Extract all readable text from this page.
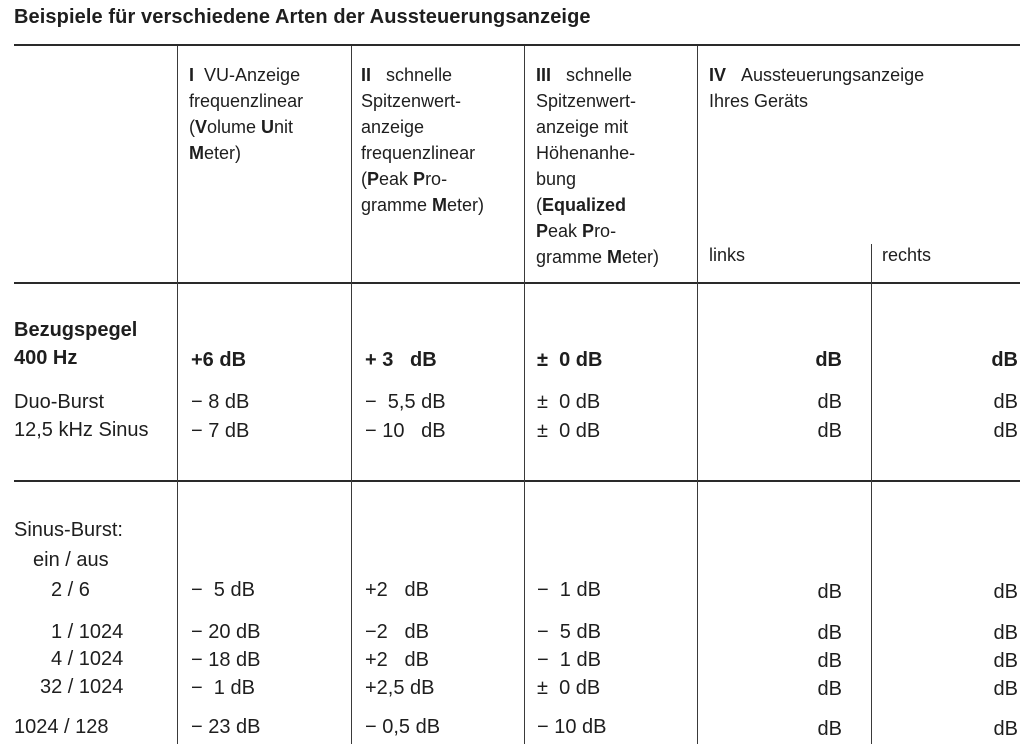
Beispiele für verschiedene Arten der Aussteuerungsanzeige
I VU-Anzeige
frequenzlinear
(Volume Unit
Meter)
II schnelle
Spitzenwert-
anzeige
frequenzlinear
(Peak Pro-
gramme Meter)
III schnelle
Spitzenwert-
anzeige mit
Höhenanhe-
bung
(Equalized
Peak Pro-
gramme Meter)
IV Aussteuerungsanzeige
Ihres Geräts
links	rechts
Bezugspegel
400 Hz	+6 dB	+ 3   dB	±  0 dB	dB	dB
Duo-Burst	− 8 dB	−  5,5 dB	±  0 dB	dB	dB
12,5 kHz Sinus − 7 dB	− 10   dB	±  0 dB	dB	dB
Sinus-Burst:
ein / aus
2 / 6	−  5 dB	+2   dB	−  1 dB	dB	dB
1 / 1024	− 20 dB	−2   dB	−  5 dB	dB	dB
4 / 1024	− 18 dB	+2   dB	−  1 dB	dB	dB
32 / 1024	−  1 dB	+2,5 dB	±  0 dB	dB	dB
1024 / 128	− 23 dB	− 0,5 dB	− 10 dB	dB	dB
